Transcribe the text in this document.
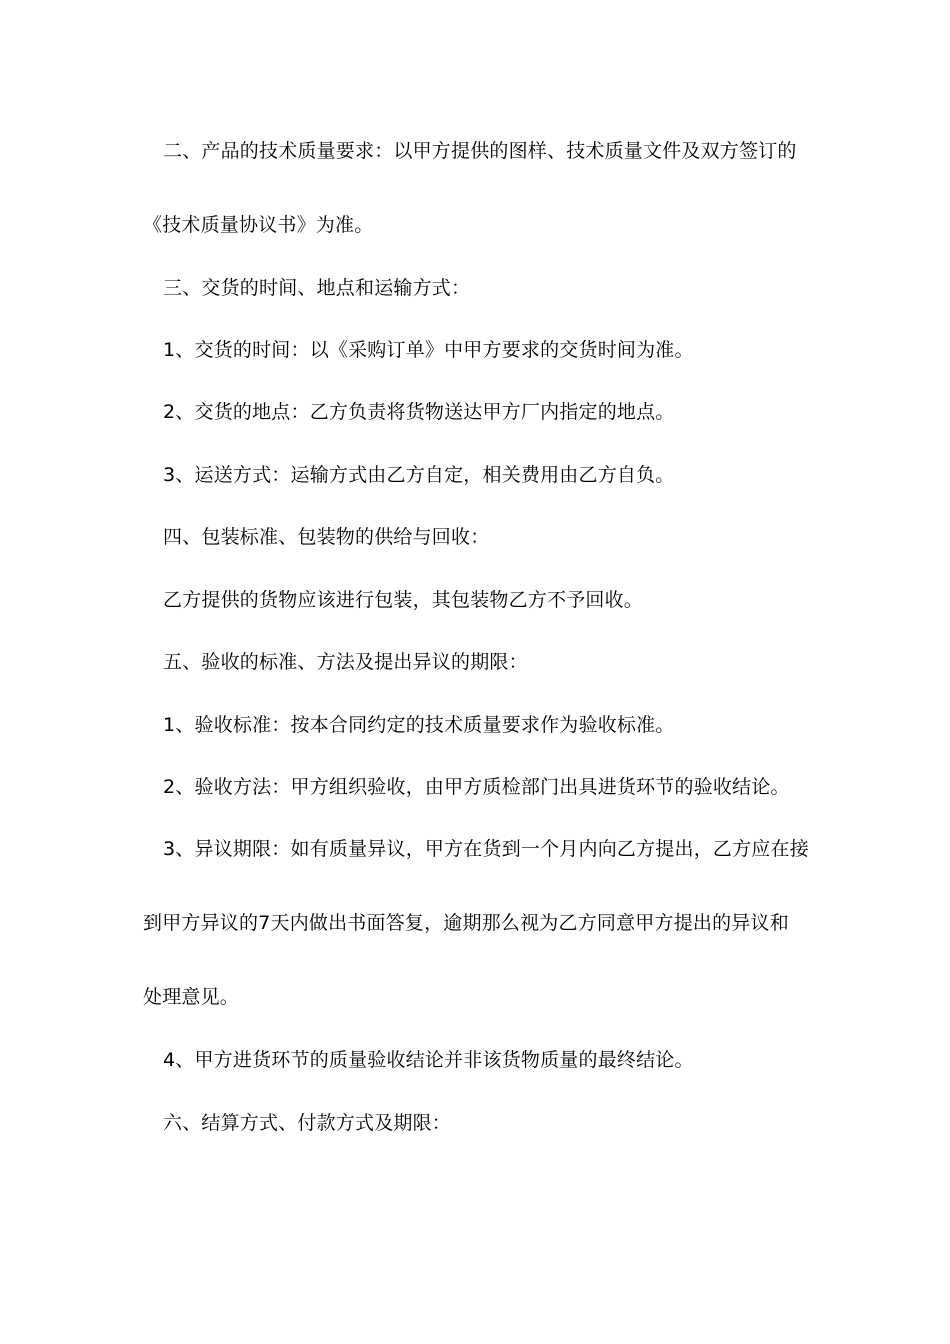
二、产品的技术质量要求：以甲方提供的图样、技术质量文件及双方签订的
《技术质量协议书》为准。
三、交货的时间、地点和运输方式：
1、交货的时间：以《采购订单》中甲方要求的交货时间为准。
2、交货的地点：乙方负责将货物送达甲方厂内指定的地点。
3、运送方式：运输方式由乙方自定，相关费用由乙方自负。
四、包装标准、包装物的供给与回收：
乙方提供的货物应该进行包装，其包装物乙方不予回收。
五、验收的标准、方法及提出异议的期限：
1、验收标准：按本合同约定的技术质量要求作为验收标准。
2、验收方法：甲方组织验收，由甲方质检部门出具进货环节的验收结论。
3、异议期限：如有质量异议，甲方在货到一个月内向乙方提出，乙方应在接
到甲方异议的7天内做出书面答复，逾期那么视为乙方同意甲方提出的异议和
处理意见。
4、甲方进货环节的质量验收结论并非该货物质量的最终结论。
六、结算方式、付款方式及期限：
